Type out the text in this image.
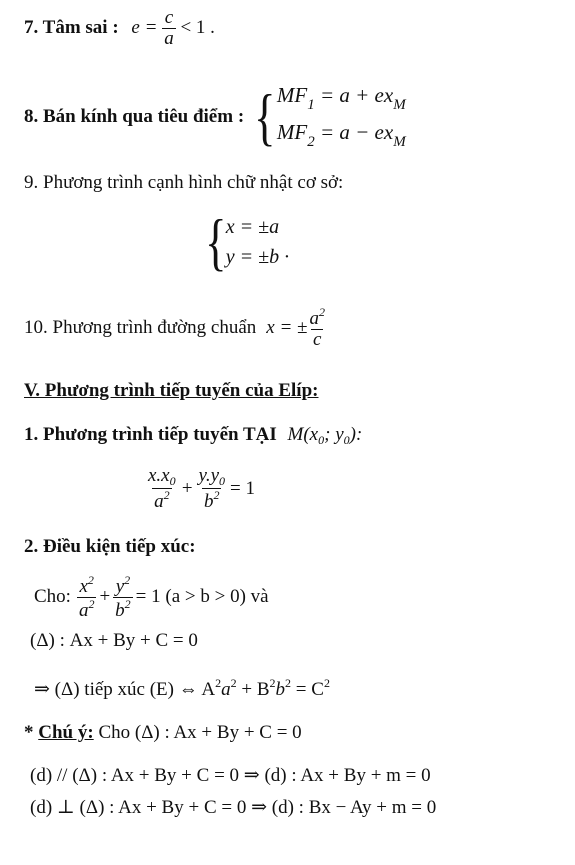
7. Tâm sai : $e = \frac{c}{a} < 1$ .
8. Bán kính qua tiêu điểm : { $MF_1 = a + ex_M$
$MF_2 = a - ex_M$
9. Phương trình cạnh hình chữ nhật cơ sở:
{ x = ±a
y = ±b ·
10. Phương trình đường chuẩn x = ± $\frac{a^2}{c}$
V. Phương trình tiếp tuyến của Elíp:
1. Phương trình tiếp tuyến TẠI $M(x_0$; $y_0$):
$\frac{x.x_0}{a^2} + \frac{y.y_0}{b^2} = 1$
2. Điều kiện tiếp xúc:
Cho: $\frac{x^2}{a^2} + \frac{y^2}{b^2} = 1$ (a > b > 0) và
(Δ) : Ax + By + C = 0
⇒ (Δ) tiếp xúc (E) ⇔ $A^2a^2 + B^2b^2 = C^2$
* Chú ý: Cho (Δ) : Ax + By + C = 0
(d) // (Δ) : Ax + By + C = 0 ⇒ (d) : Ax + By + m = 0
(d) ⊥ (Δ) : Ax + By + C = 0 ⇒ (d) : Bx − Ay + m = 0
